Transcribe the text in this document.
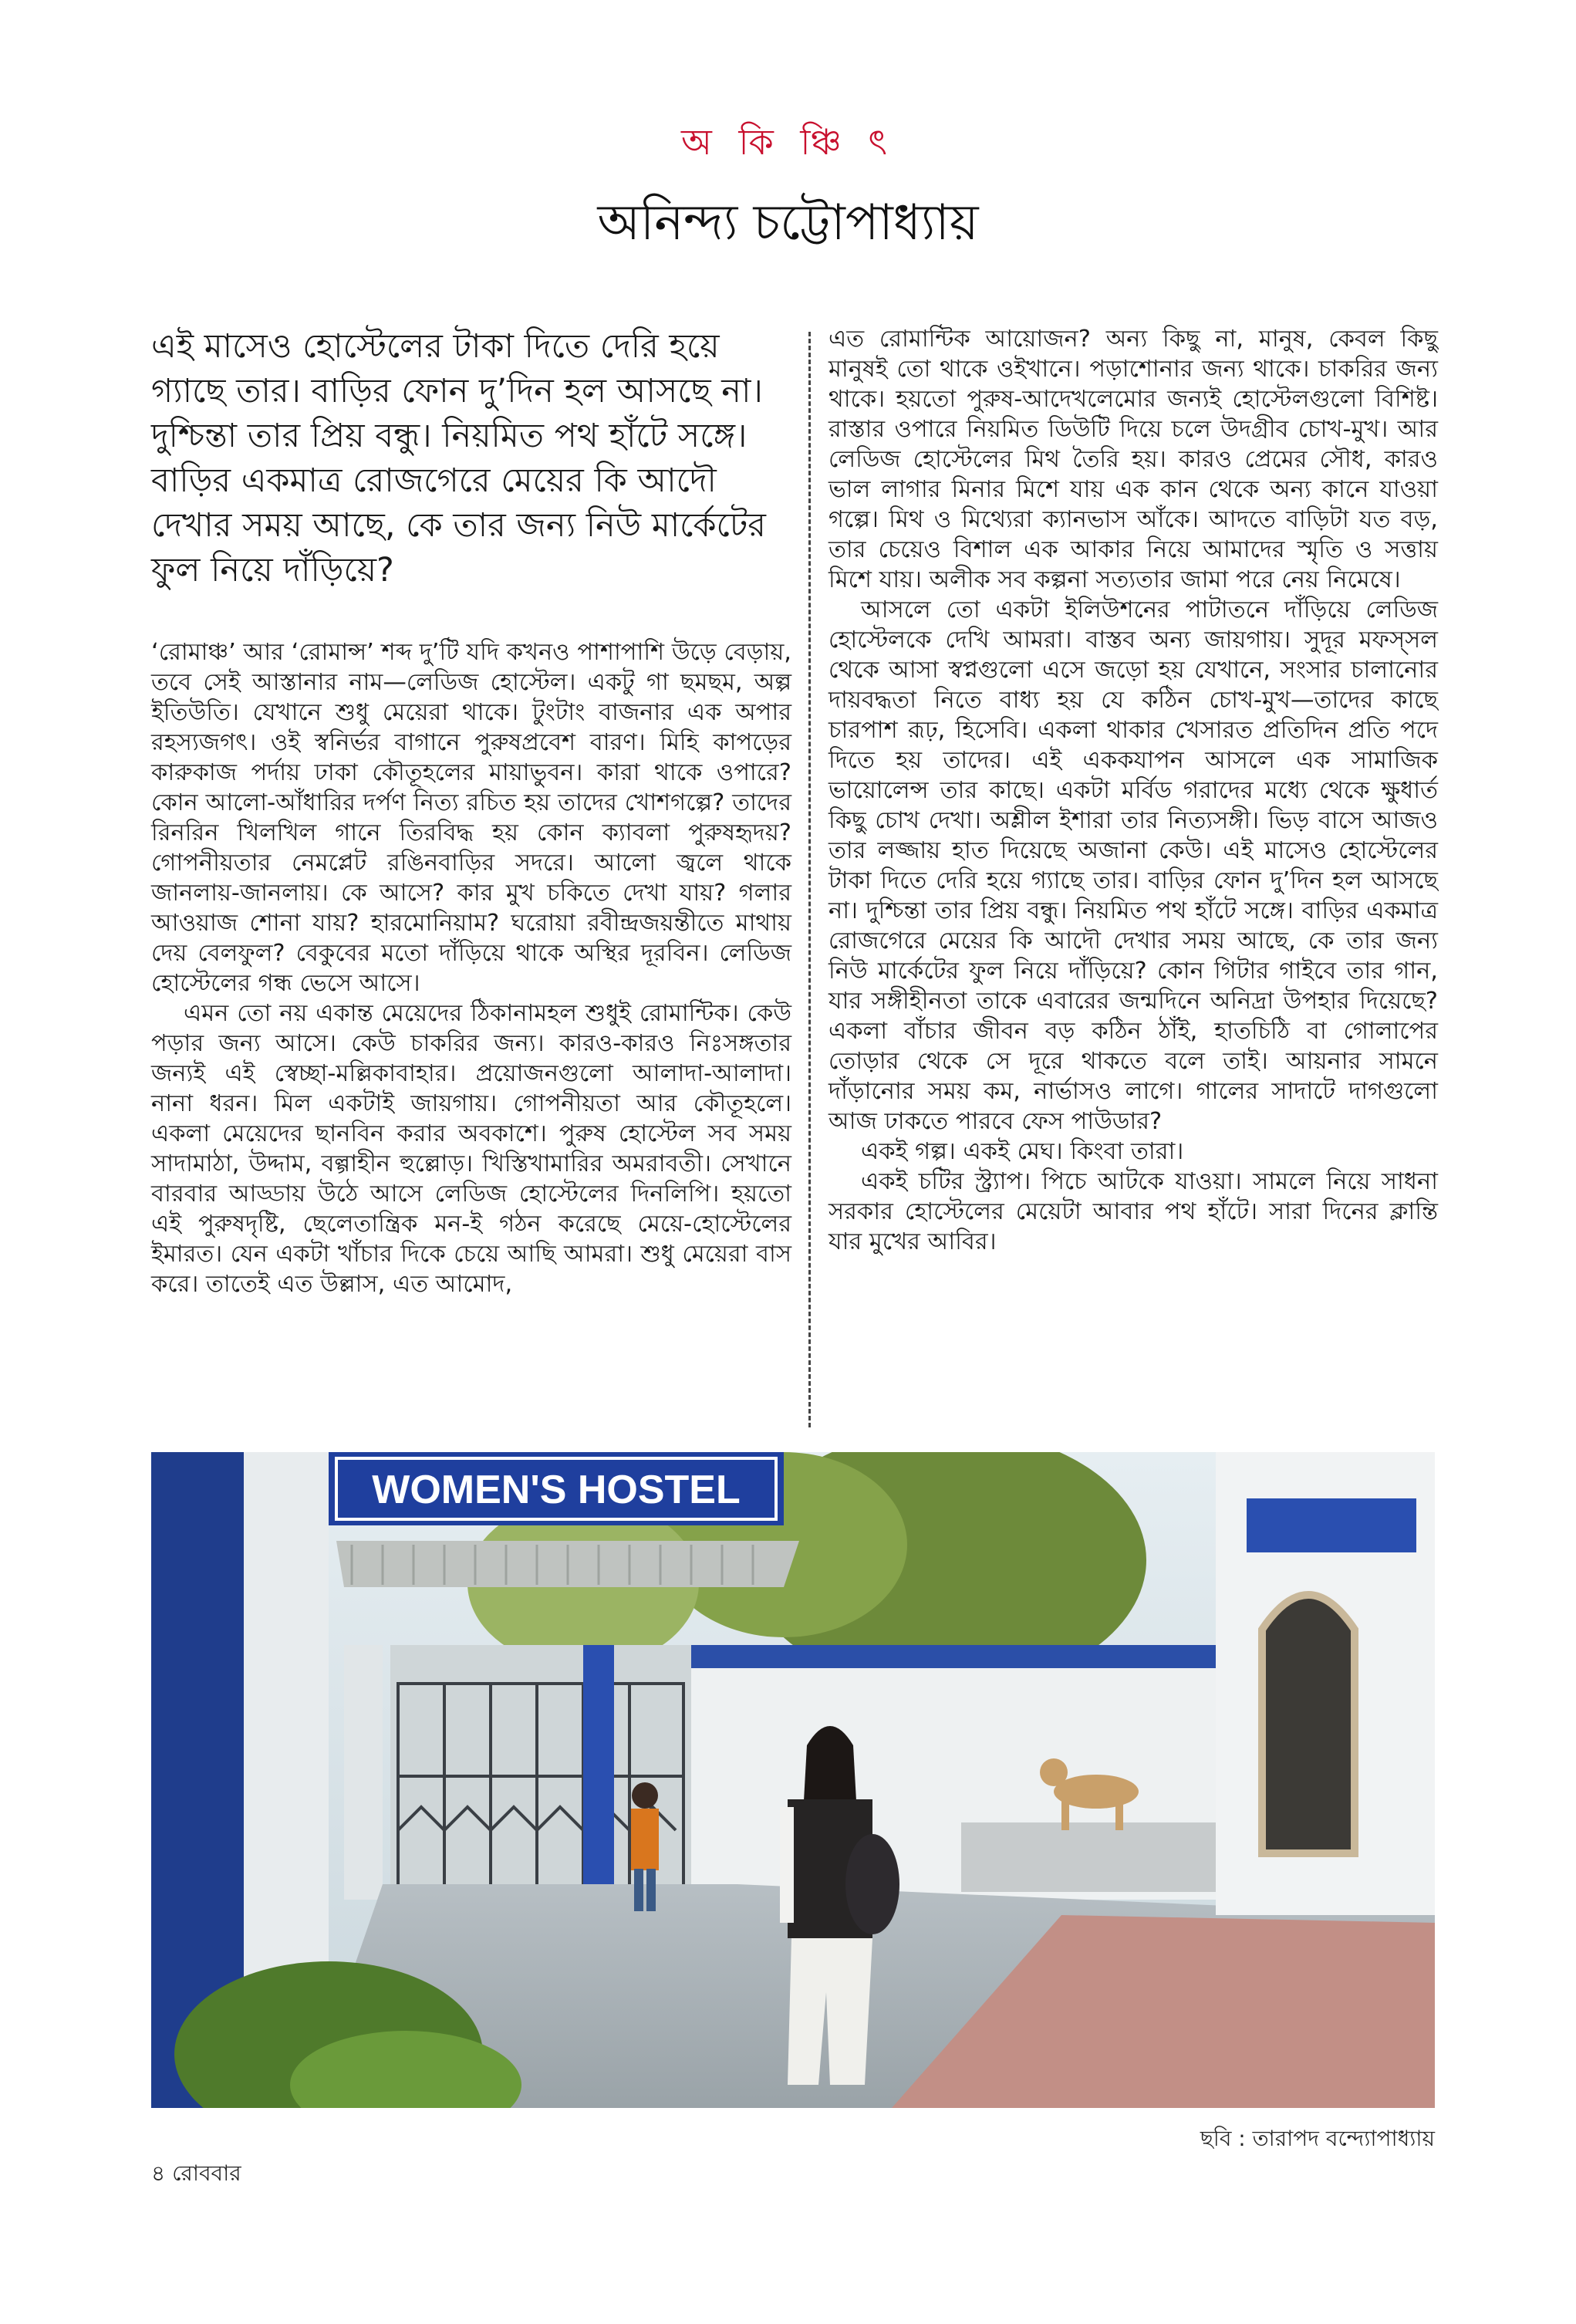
অ কি ঞ্চি ৎ
অনিন্দ্য চট্টোপাধ্যায়

এই মাসেও হোস্টেলের টাকা দিতে দেরি হয়ে গ্যাছে তার। বাড়ির ফোন দু’দিন হল আসছে না। দুশ্চিন্তা তার প্রিয় বন্ধু। নিয়মিত পথ হাঁটে সঙ্গে। বাড়ির একমাত্র রোজগেরে মেয়ের কি আদৌ দেখার সময় আছে, কে তার জন্য নিউ মার্কেটের ফুল নিয়ে দাঁড়িয়ে?

‘রোমাঞ্চ’ আর ‘রোমান্স’ শব্দ দু’টি যদি কখনও পাশাপাশি উড়ে বেড়ায়, তবে সেই আস্তানার নাম—লেডিজ হোস্টেল। একটু গা ছমছম, অল্প ইতিউতি। যেখানে শুধু মেয়েরা থাকে। টুংটাং বাজনার এক অপার রহস্যজগৎ। ওই স্বনির্ভর বাগানে পুরুষপ্রবেশ বারণ। মিহি কাপড়ের কারুকাজ পর্দায় ঢাকা কৌতূহলের মায়াভুবন। কারা থাকে ওপারে? কোন আলো-আঁধারির দর্পণ নিত্য রচিত হয় তাদের খোশগল্পে? তাদের রিনরিন খিলখিল গানে তিরবিদ্ধ হয় কোন ক্যাবলা পুরুষহৃদয়? গোপনীয়তার নেমপ্লেট রঙিনবাড়ির সদরে। আলো জ্বলে থাকে জানলায়-জানলায়। কে আসে? কার মুখ চকিতে দেখা যায়? গলার আওয়াজ শোনা যায়? হারমোনিয়াম? ঘরোয়া রবীন্দ্রজয়ন্তীতে মাথায় দেয় বেলফুল? বেকুবের মতো দাঁড়িয়ে থাকে অস্থির দূরবিন। লেডিজ হোস্টেলের গন্ধ ভেসে আসে।

এমন তো নয় একান্ত মেয়েদের ঠিকানামহল শুধুই রোমান্টিক। কেউ পড়ার জন্য আসে। কেউ চাকরির জন্য। কারও-কারও নিঃসঙ্গতার জন্যই এই স্বেচ্ছা-মল্লিকাবাহার। প্রয়োজনগুলো আলাদা-আলাদা। নানা ধরন। মিল একটাই জায়গায়। গোপনীয়তা আর কৌতূহলে। একলা মেয়েদের ছানবিন করার অবকাশে। পুরুষ হোস্টেল সব সময় সাদামাঠা, উদ্দাম, বল্গাহীন হুল্লোড়। খিস্তিখামারির অমরাবতী। সেখানে বারবার আড্ডায় উঠে আসে লেডিজ হোস্টেলের দিনলিপি। হয়তো এই পুরুষদৃষ্টি, ছেলেতান্ত্রিক মন-ই গঠন করেছে মেয়ে-হোস্টেলের ইমারত। যেন একটা খাঁচার দিকে চেয়ে আছি আমরা। শুধু মেয়েরা বাস করে। তাতেই এত উল্লাস, এত আমোদ,

এত রোমান্টিক আয়োজন? অন্য কিছু না, মানুষ, কেবল কিছু মানুষই তো থাকে ওইখানে। পড়াশোনার জন্য থাকে। চাকরির জন্য থাকে। হয়তো পুরুষ-আদেখলেমোর জন্যই হোস্টেলগুলো বিশিষ্ট। রাস্তার ওপারে নিয়মিত ডিউটি দিয়ে চলে উদগ্রীব চোখ-মুখ। আর লেডিজ হোস্টেলের মিথ তৈরি হয়। কারও প্রেমের সৌধ, কারও ভাল লাগার মিনার মিশে যায় এক কান থেকে অন্য কানে যাওয়া গল্পে। মিথ ও মিথ্যেরা ক্যানভাস আঁকে। আদতে বাড়িটা যত বড়, তার চেয়েও বিশাল এক আকার নিয়ে আমাদের স্মৃতি ও সত্তায় মিশে যায়। অলীক সব কল্পনা সত্যতার জামা পরে নেয় নিমেষে।

আসলে তো একটা ইলিউশনের পাটাতনে দাঁড়িয়ে লেডিজ হোস্টেলকে দেখি আমরা। বাস্তব অন্য জায়গায়। সুদূর মফস্সল থেকে আসা স্বপ্নগুলো এসে জড়ো হয় যেখানে, সংসার চালানোর দায়বদ্ধতা নিতে বাধ্য হয় যে কঠিন চোখ-মুখ—তাদের কাছে চারপাশ রূঢ়, হিসেবি। একলা থাকার খেসারত প্রতিদিন প্রতি পদে দিতে হয় তাদের। এই এককযাপন আসলে এক সামাজিক ভায়োলেন্স তার কাছে। একটা মর্বিড গরাদের মধ্যে থেকে ক্ষুধার্ত কিছু চোখ দেখা। অশ্লীল ইশারা তার নিত্যসঙ্গী। ভিড় বাসে আজও তার লজ্জায় হাত দিয়েছে অজানা কেউ। এই মাসেও হোস্টেলের টাকা দিতে দেরি হয়ে গ্যাছে তার। বাড়ির ফোন দু’দিন হল আসছে না। দুশ্চিন্তা তার প্রিয় বন্ধু। নিয়মিত পথ হাঁটে সঙ্গে। বাড়ির একমাত্র রোজগেরে মেয়ের কি আদৌ দেখার সময় আছে, কে তার জন্য নিউ মার্কেটের ফুল নিয়ে দাঁড়িয়ে? কোন গিটার গাইবে তার গান, যার সঙ্গীহীনতা তাকে এবারের জন্মদিনে অনিদ্রা উপহার দিয়েছে? একলা বাঁচার জীবন বড় কঠিন ঠাঁই, হাতচিঠি বা গোলাপের তোড়ার থেকে সে দূরে থাকতে বলে তাই। আয়নার সামনে দাঁড়ানোর সময় কম, নার্ভাসও লাগে। গালের সাদাটে দাগগুলো আজ ঢাকতে পারবে ফেস পাউডার?

একই গল্প। একই মেঘ। কিংবা তারা।

একই চটির স্ট্র্যাপ। পিচে আটকে যাওয়া। সামলে নিয়ে সাধনা সরকার হোস্টেলের মেয়েটা আবার পথ হাঁটে। সারা দিনের ক্লান্তি যার মুখের আবির।

WOMEN'S HOSTEL
ছবি : তারাপদ বন্দ্যোপাধ্যায়
৪ রোববার
